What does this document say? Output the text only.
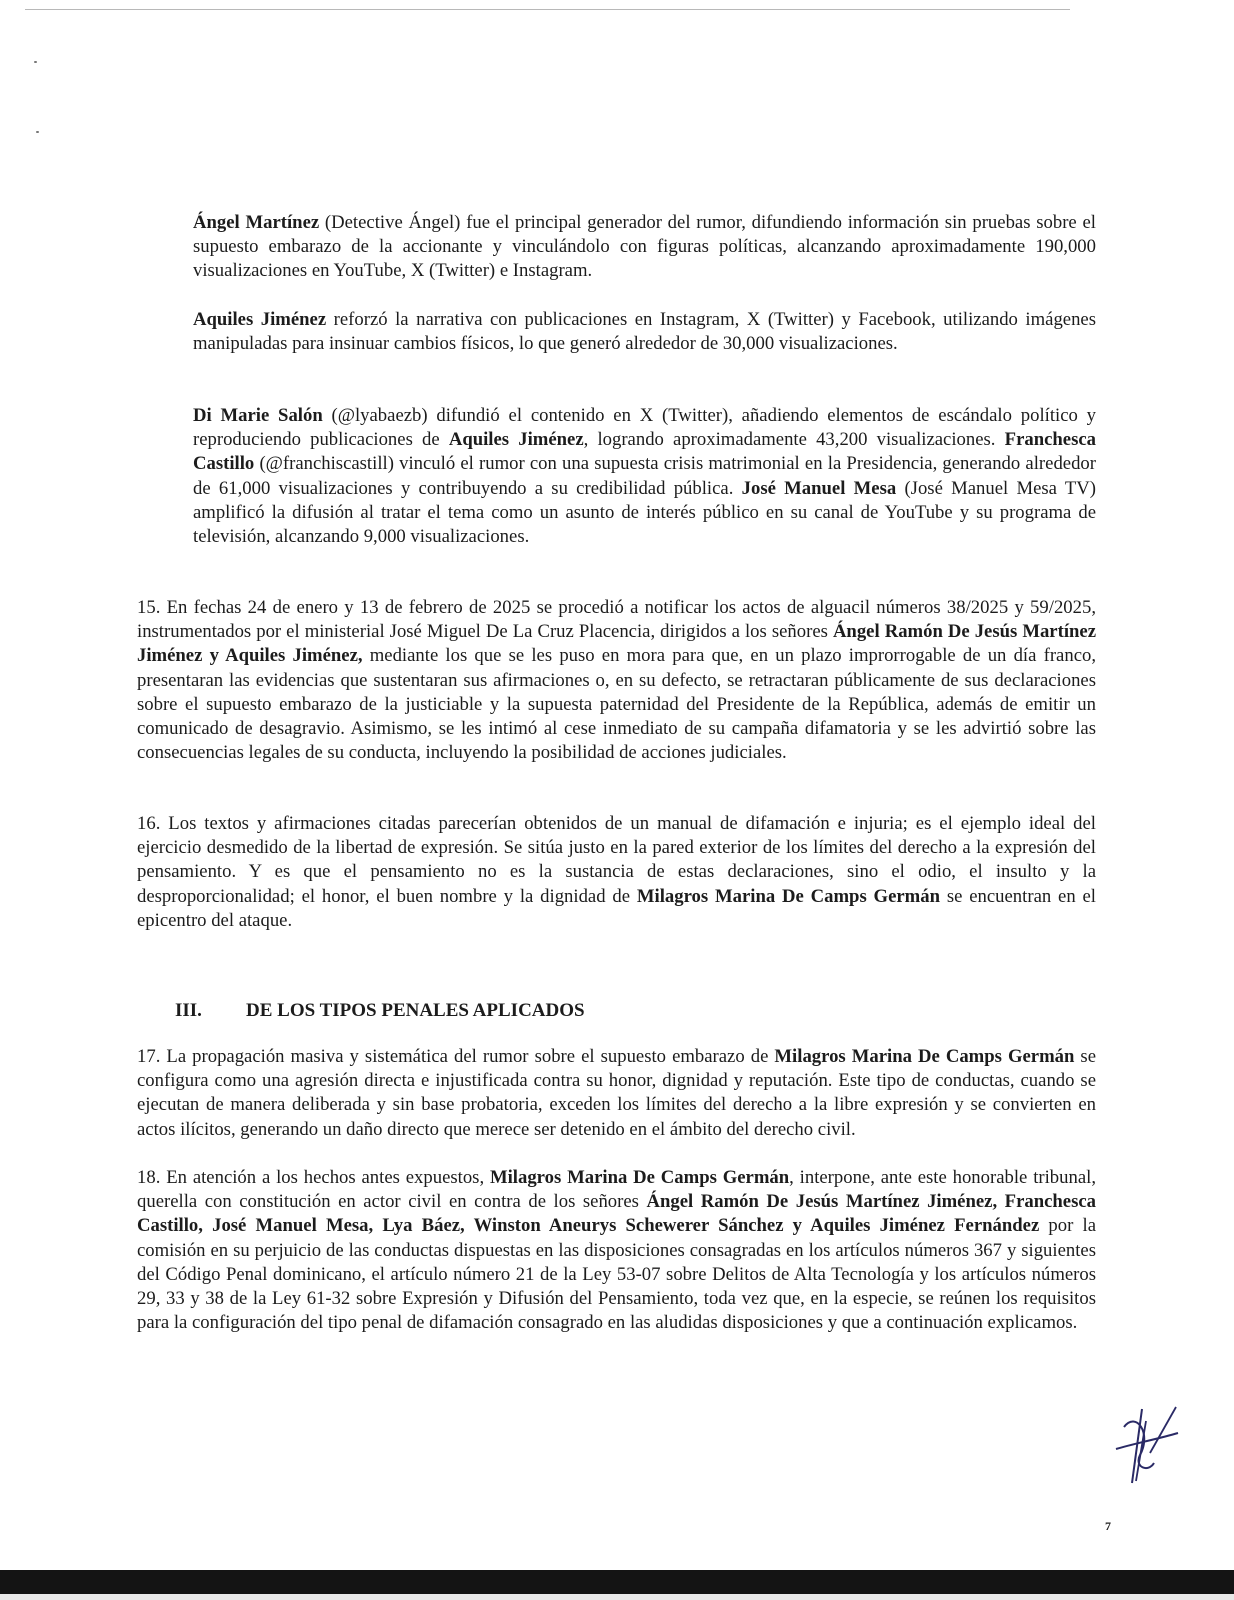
Ángel Martínez (Detective Ángel) fue el principal generador del rumor, difundiendo información sin pruebas sobre el supuesto embarazo de la accionante y vinculándolo con figuras políticas, alcanzando aproximadamente 190,000 visualizaciones en YouTube, X (Twitter) e Instagram.

Aquiles Jiménez reforzó la narrativa con publicaciones en Instagram, X (Twitter) y Facebook, utilizando imágenes manipuladas para insinuar cambios físicos, lo que generó alrededor de 30,000 visualizaciones.

Di Marie Salón (@lyabaezb) difundió el contenido en X (Twitter), añadiendo elementos de escándalo político y reproduciendo publicaciones de Aquiles Jiménez, logrando aproximadamente 43,200 visualizaciones. Franchesca Castillo (@franchiscastill) vinculó el rumor con una supuesta crisis matrimonial en la Presidencia, generando alrededor de 61,000 visualizaciones y contribuyendo a su credibilidad pública. José Manuel Mesa (José Manuel Mesa TV) amplificó la difusión al tratar el tema como un asunto de interés público en su canal de YouTube y su programa de televisión, alcanzando 9,000 visualizaciones.

15. En fechas 24 de enero y 13 de febrero de 2025 se procedió a notificar los actos de alguacil números 38/2025 y 59/2025, instrumentados por el ministerial José Miguel De La Cruz Placencia, dirigidos a los señores Ángel Ramón De Jesús Martínez Jiménez y Aquiles Jiménez, mediante los que se les puso en mora para que, en un plazo improrrogable de un día franco, presentaran las evidencias que sustentaran sus afirmaciones o, en su defecto, se retractaran públicamente de sus declaraciones sobre el supuesto embarazo de la justiciable y la supuesta paternidad del Presidente de la República, además de emitir un comunicado de desagravio. Asimismo, se les intimó al cese inmediato de su campaña difamatoria y se les advirtió sobre las consecuencias legales de su conducta, incluyendo la posibilidad de acciones judiciales.

16. Los textos y afirmaciones citadas parecerían obtenidos de un manual de difamación e injuria; es el ejemplo ideal del ejercicio desmedido de la libertad de expresión. Se sitúa justo en la pared exterior de los límites del derecho a la expresión del pensamiento. Y es que el pensamiento no es la sustancia de estas declaraciones, sino el odio, el insulto y la desproporcionalidad; el honor, el buen nombre y la dignidad de Milagros Marina De Camps Germán se encuentran en el epicentro del ataque.

III. DE LOS TIPOS PENALES APLICADOS

17. La propagación masiva y sistemática del rumor sobre el supuesto embarazo de Milagros Marina De Camps Germán se configura como una agresión directa e injustificada contra su honor, dignidad y reputación. Este tipo de conductas, cuando se ejecutan de manera deliberada y sin base probatoria, exceden los límites del derecho a la libre expresión y se convierten en actos ilícitos, generando un daño directo que merece ser detenido en el ámbito del derecho civil.

18. En atención a los hechos antes expuestos, Milagros Marina De Camps Germán, interpone, ante este honorable tribunal, querella con constitución en actor civil en contra de los señores Ángel Ramón De Jesús Martínez Jiménez, Franchesca Castillo, José Manuel Mesa, Lya Báez, Winston Aneurys Schewerer Sánchez y Aquiles Jiménez Fernández por la comisión en su perjuicio de las conductas dispuestas en las disposiciones consagradas en los artículos números 367 y siguientes del Código Penal dominicano, el artículo número 21 de la Ley 53-07 sobre Delitos de Alta Tecnología y los artículos números 29, 33 y 38 de la Ley 61-32 sobre Expresión y Difusión del Pensamiento, toda vez que, en la especie, se reúnen los requisitos para la configuración del tipo penal de difamación consagrado en las aludidas disposiciones y que a continuación explicamos.

7
